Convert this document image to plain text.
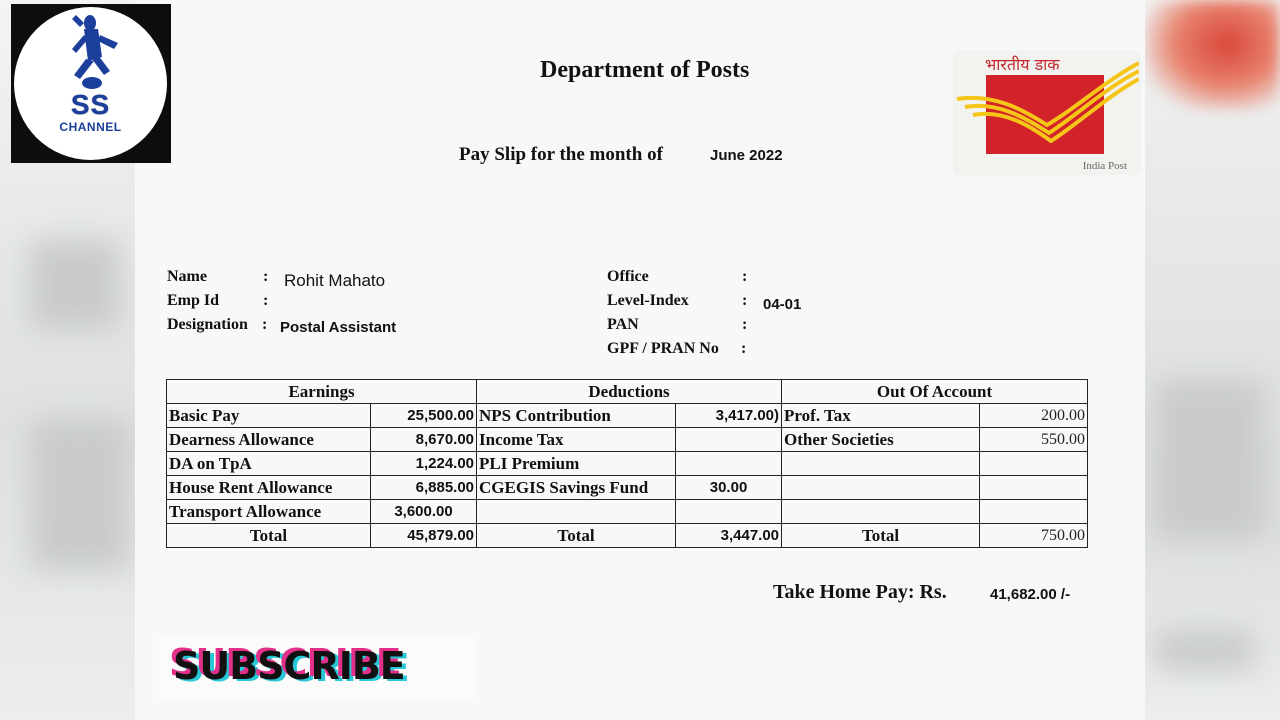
SS
CHANNEL
Department of Posts
Pay Slip for the month of	June 2022
भारतीय डाक
India Post
Name	: Rohit Mahato
Emp Id	:
Designation : Postal Assistant
Office	:
Level-Index	: 04-01
PAN	:
GPF / PRAN No :
Earnings		Deductions		Out Of Account	
Basic Pay	25,500.00	NPS Contribution	3,417.00)	Prof. Tax	200.00
Dearness Allowance	8,670.00	Income Tax		Other Societies	550.00
DA on TpA	1,224.00	PLI Premium			
House Rent Allowance	6,885.00	CGEGIS Savings Fund	30.00		
Transport Allowance	3,600.00				
Total	45,879.00	Total	3,447.00	Total	750.00
Take Home Pay: Rs.	41,682.00 /-
SUBSCRIBE
